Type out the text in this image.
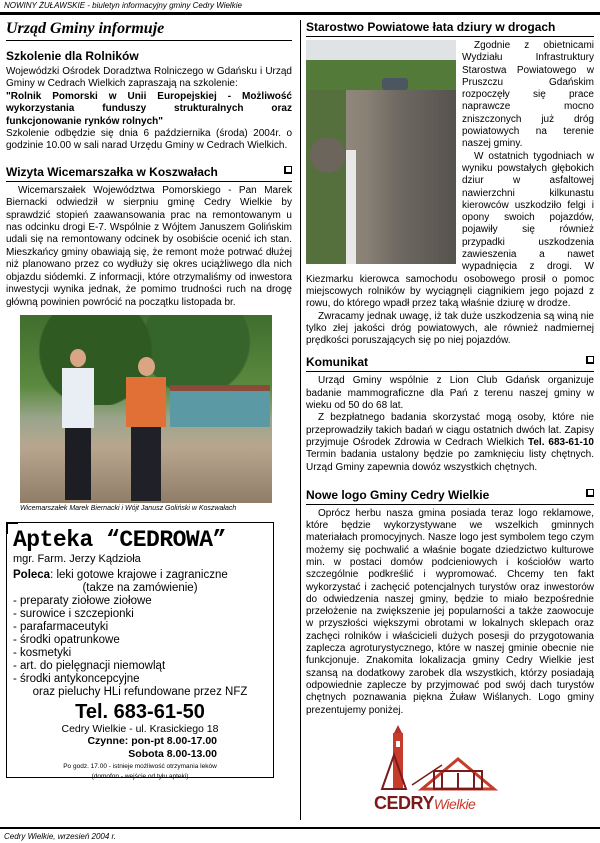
NOWINY ŻUŁAWSKIE - biuletyn informacyjny gminy Cedry Wielkie
Urząd Gminy informuje
Szkolenie dla Rolników

Wojewódzki Ośrodek Doradztwa Rolniczego w Gdańsku i Urząd Gminy w Cedrach Wielkich zapraszają na szkolenie:

"Rolnik Pomorski w Unii Europejskiej - Możliwość wykorzystania funduszy strukturalnych oraz funkcjonowanie rynków rolnych"

Szkolenie odbędzie się dnia 6 października (środa) 2004r. o godzinie 10.00 w sali narad Urzędu Gminy w Cedrach Wielkich.

Wizyta Wicemarszałka w Koszwałach

Wicemarszałek Województwa Pomorskiego - Pan Marek Biernacki odwiedził w sierpniu gminę Cedry Wielkie by sprawdzić stopień zaawansowania prac na remontowanym u nas odcinku drogi E-7. Wspólnie z Wójtem Januszem Golińskim udali się na remontowany odcinek by osobiście ocenić ich stan. Mieszkańcy gminy obawiają się, że remont może potrwać dłużej niż planowano przez co wydłuży się okres uciążliwego dla nich objazdu siódemki. Z informacji, które otrzymaliśmy od inwestora inwestycji wynika jednak, że pomimo trudności ruch na drogę główną powinien powrócić na początku listopada br.

Wicemarszałek Marek Biernacki i Wójt Janusz Goliński w Koszwałach
Apteka “CEDROWA”
mgr. Farm. Jerzy Kądzioła
Poleca: leki gotowe krajowe i zagraniczne
(takze na zamówienie)
- preparaty ziołowe ziołowe
- surowice i szczepionki
- parafarmaceutyki
- środki opatrunkowe
- kosmetyki
- art. do pielęgnacji niemowląt
- środki antykoncepcyjne
oraz pieluchy HLi refundowane przez NFZ
Tel. 683-61-50
Cedry Wielkie - ul. Krasickiego 18
Czynne: pon-pt 8.00-17.00
Sobota 8.00-13.00
Po godz. 17.00 - istnieje możliwość otrzymania leków
(domofon - wejście od tyłu apteki)
Starostwo Powiatowe łata dziury w drogach

Zgodnie z obietnicami Wydziału Infrastruktury Starostwa Powiatowego w Pruszczu Gdańskim rozpoczęły się prace naprawcze mocno zniszczonych już dróg powiatowych na terenie naszej gminy.

W ostatnich tygodniach w wyniku powstałych głębokich dziur w asfaltowej nawierzchni kilkunastu kierowców uszkodziło felgi i opony swoich pojazdów, pojawiły się również przypadki uszkodzenia zawieszenia a nawet wypadnięcia z drogi. W Kiezmarku kierowca samochodu osobowego prosił o pomoc miejscowych rolników by wyciągnęli ciągnikiem jego pojazd z rowu, do którego wpadł przez taką właśnie dziurę w drodze.

Zwracamy jednak uwagę, iż tak duże uszkodzenia są winą nie tylko złej jakości dróg powiatowych, ale również nadmiernej prędkości poruszających się po niej pojazdów.

Komunikat

Urząd Gminy wspólnie z Lion Club Gdańsk organizuje badanie mammograficzne dla Pań z terenu naszej gminy w wieku od 50 do 68 lat.

Z bezpłatnego badania skorzystać mogą osoby, które nie przeprowadziły takich badań w ciągu ostatnich dwóch lat. Zapisy przyjmuje Ośrodek Zdrowia w Cedrach Wielkich Tel. 683-61-10 Termin badania ustalony będzie po zamknięciu listy chętnych. Urząd Gminy zapewnia dowóz wszystkich chętnych.

Nowe logo Gminy Cedry Wielkie

Oprócz herbu nasza gmina posiada teraz logo reklamowe, które będzie wykorzystywane we wszelkich gminnych materiałach promocyjnych. Nasze logo jest symbolem tego czym możemy się pochwalić a właśnie bogate dziedzictwo kulturowe min. w postaci domów podcieniowych i kościołów warto szczególnie podkreślić i wypromować. Chcemy ten fakt wykorzystać i zachęcić potencjalnych turystów oraz inwestorów do odwiedzenia naszej gminy, będzie to miało bezpośrednie przełożenie na zwiększenie jej popularności a także zaowocuje w przyszłości większymi obrotami w lokalnych sklepach oraz zachęci rolników i właścicieli dużych posesji do przygotowania zaplecza agroturystycznego, które w naszej gminie obecnie nie funkcjonuje. Znakomita lokalizacja gminy Cedry Wielkie jest szansą na dodatkowy zarobek dla wszystkich, którzy posiadają odpowiednie zaplecze by przyjmować pod swój dach turystów chętnych poznawania piękna Żuław Wiślanych. Logo gminy prezentujemy poniżej.

CEDRYWielkie
Cedry Wielkie, wrzesień 2004 r.
